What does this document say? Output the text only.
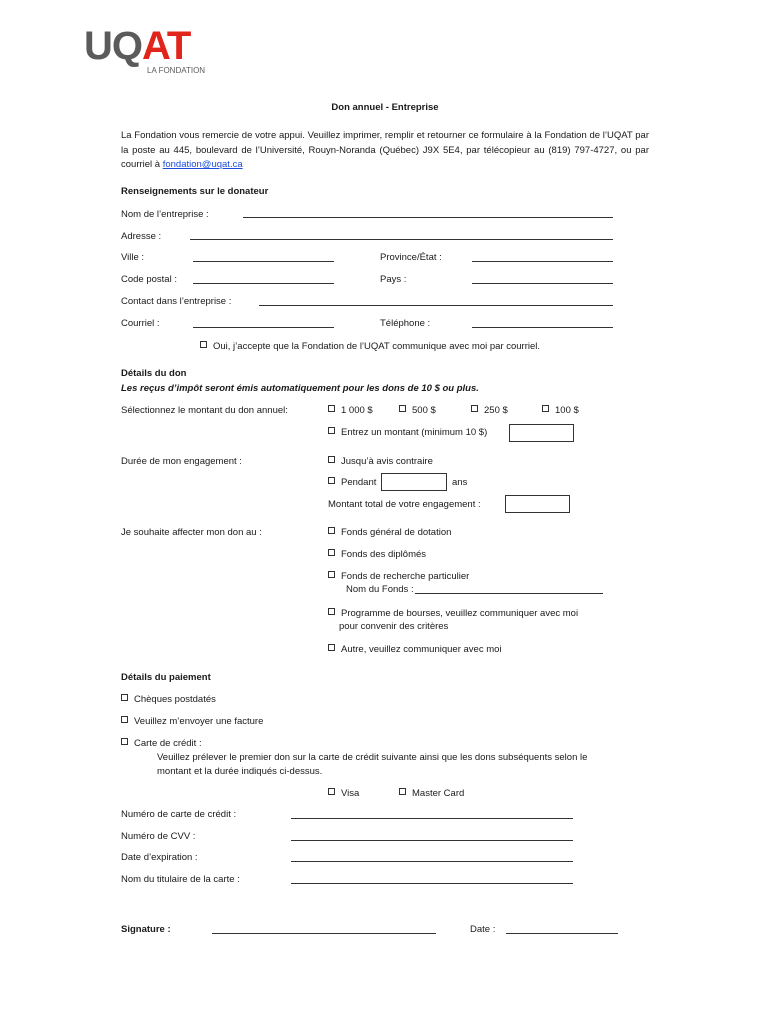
UQAT
LA FONDATION
Don annuel - Entreprise
La Fondation vous remercie de votre appui. Veuillez imprimer, remplir et retourner ce formulaire à la Fondation de l’UQAT par la poste au 445, boulevard de l’Université, Rouyn-Noranda (Québec) J9X 5E4, par télécopieur au (819) 797-4727, ou par courriel à fondation@uqat.ca
Renseignements sur le donateur
Nom de l’entreprise :
Adresse :
Ville :	Province/État :
Code postal :	Pays :
Contact dans l’entreprise :
Courriel :	Téléphone :
Oui, j’accepte que la Fondation de l’UQAT communique avec moi par courriel.
Détails du don
Les reçus d’impôt seront émis automatiquement pour les dons de 10 $ ou plus.
Sélectionnez le montant du don annuel:	1 000 $	500 $	250 $	100 $
Entrez un montant (minimum 10 $)
Durée de mon engagement :	Jusqu’à avis contraire
Pendant	ans
Montant total de votre engagement :
Je souhaite affecter mon don au :	Fonds général de dotation
Fonds des diplômés
Fonds de recherche particulier
Nom du Fonds :
Programme de bourses, veuillez communiquer avec moi
pour convenir des critères
Autre, veuillez communiquer avec moi
Détails du paiement
Chèques postdatés
Veuillez m’envoyer une facture
Carte de crédit :
Veuillez prélever le premier don sur la carte de crédit suivante ainsi que les dons subséquents selon le
montant et la durée indiqués ci-dessus.
Visa	Master Card
Numéro de carte de crédit :
Numéro de CVV :
Date d’expiration :
Nom du titulaire de la carte :
Signature :	Date :
